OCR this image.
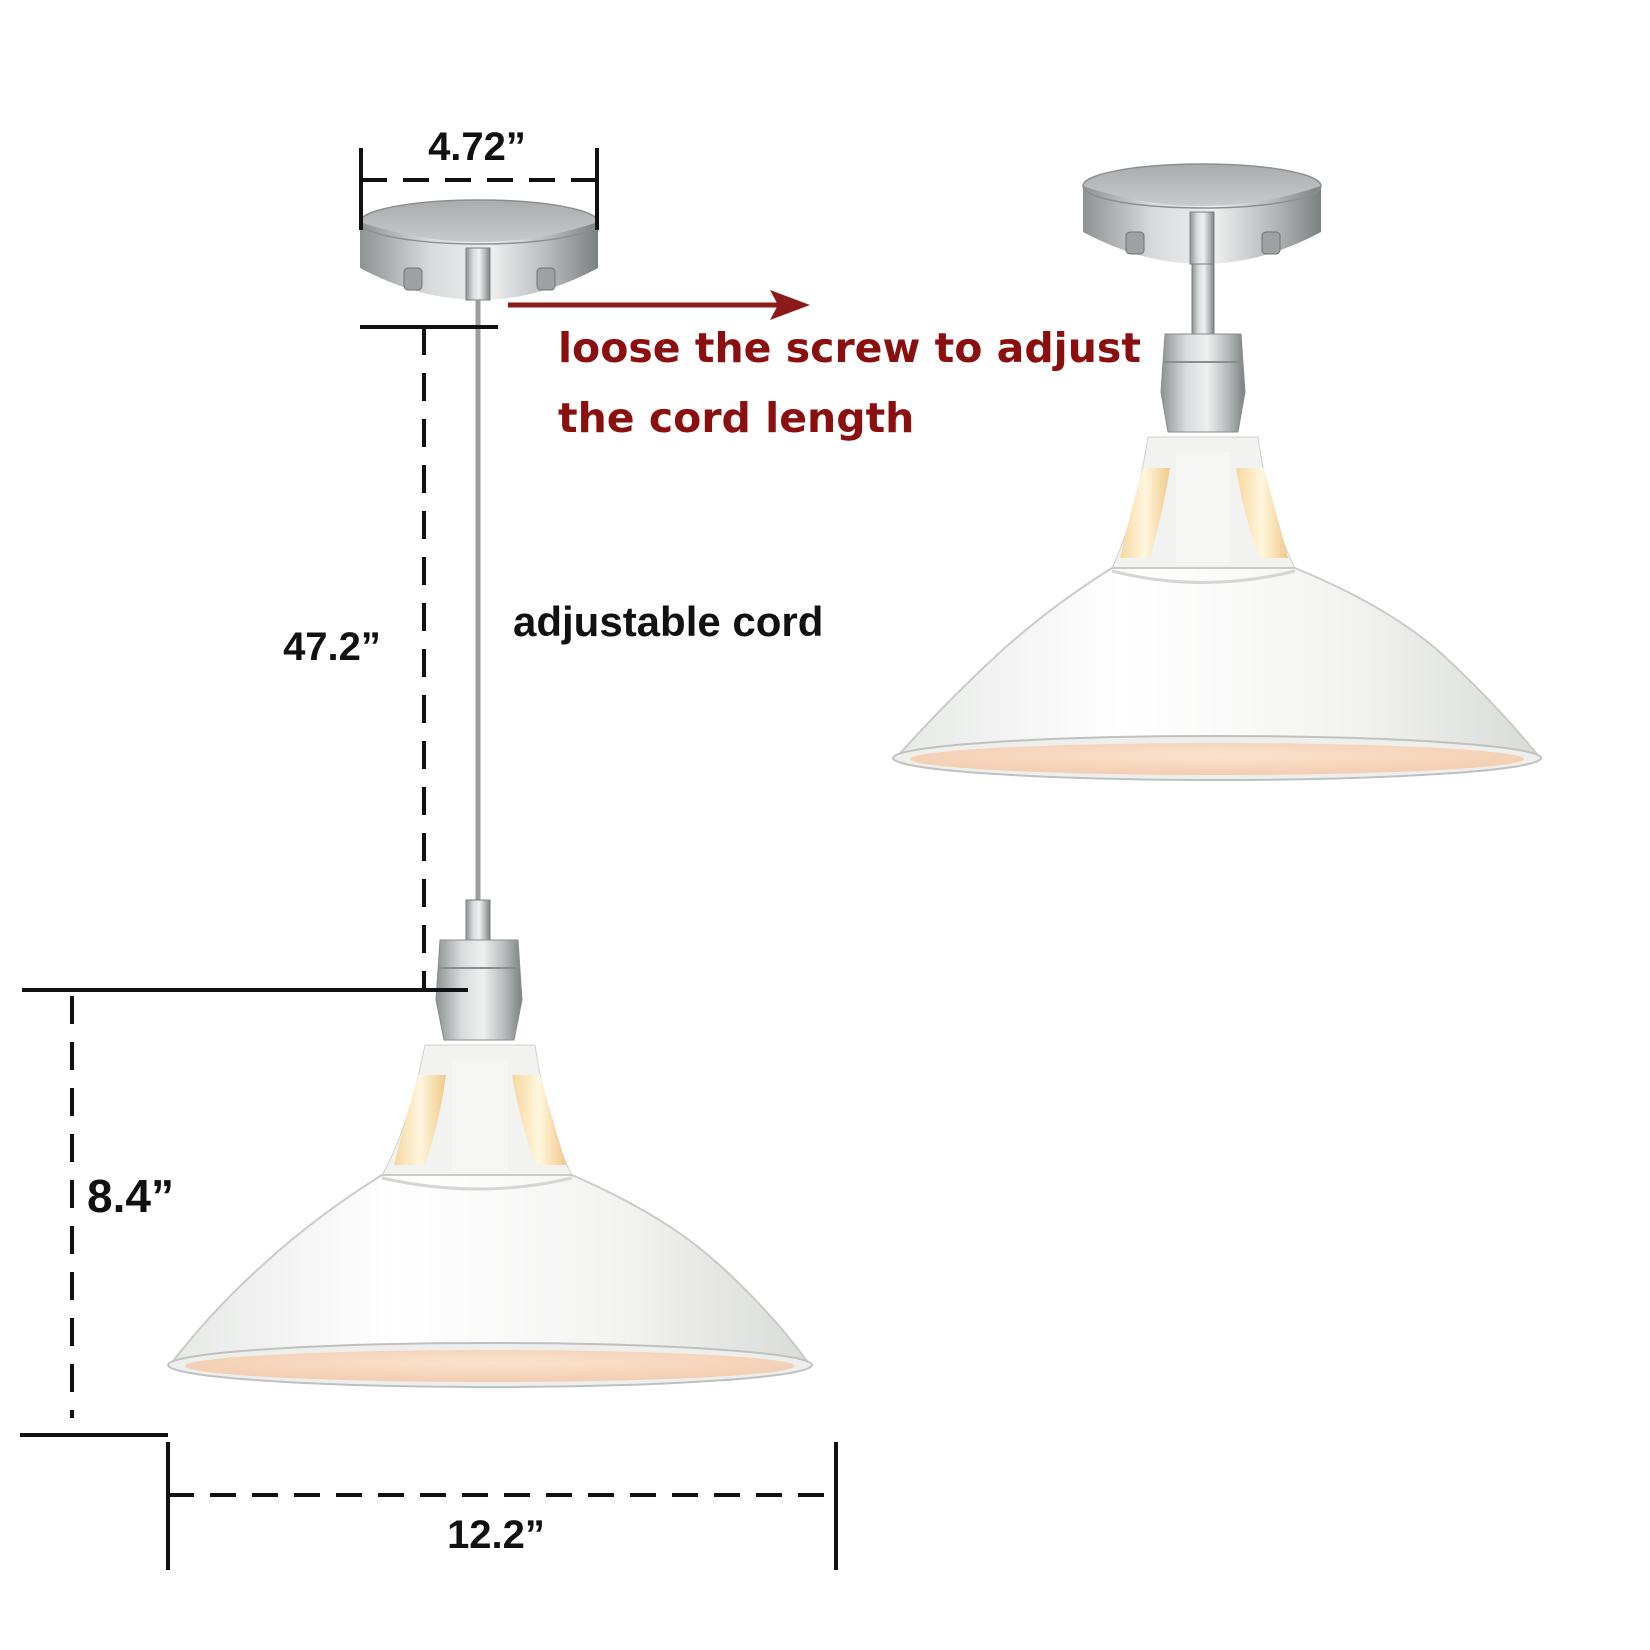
4.72”
47.2”
8.4”
12.2”
loose the screw to adjust
the cord length
adjustable cord
